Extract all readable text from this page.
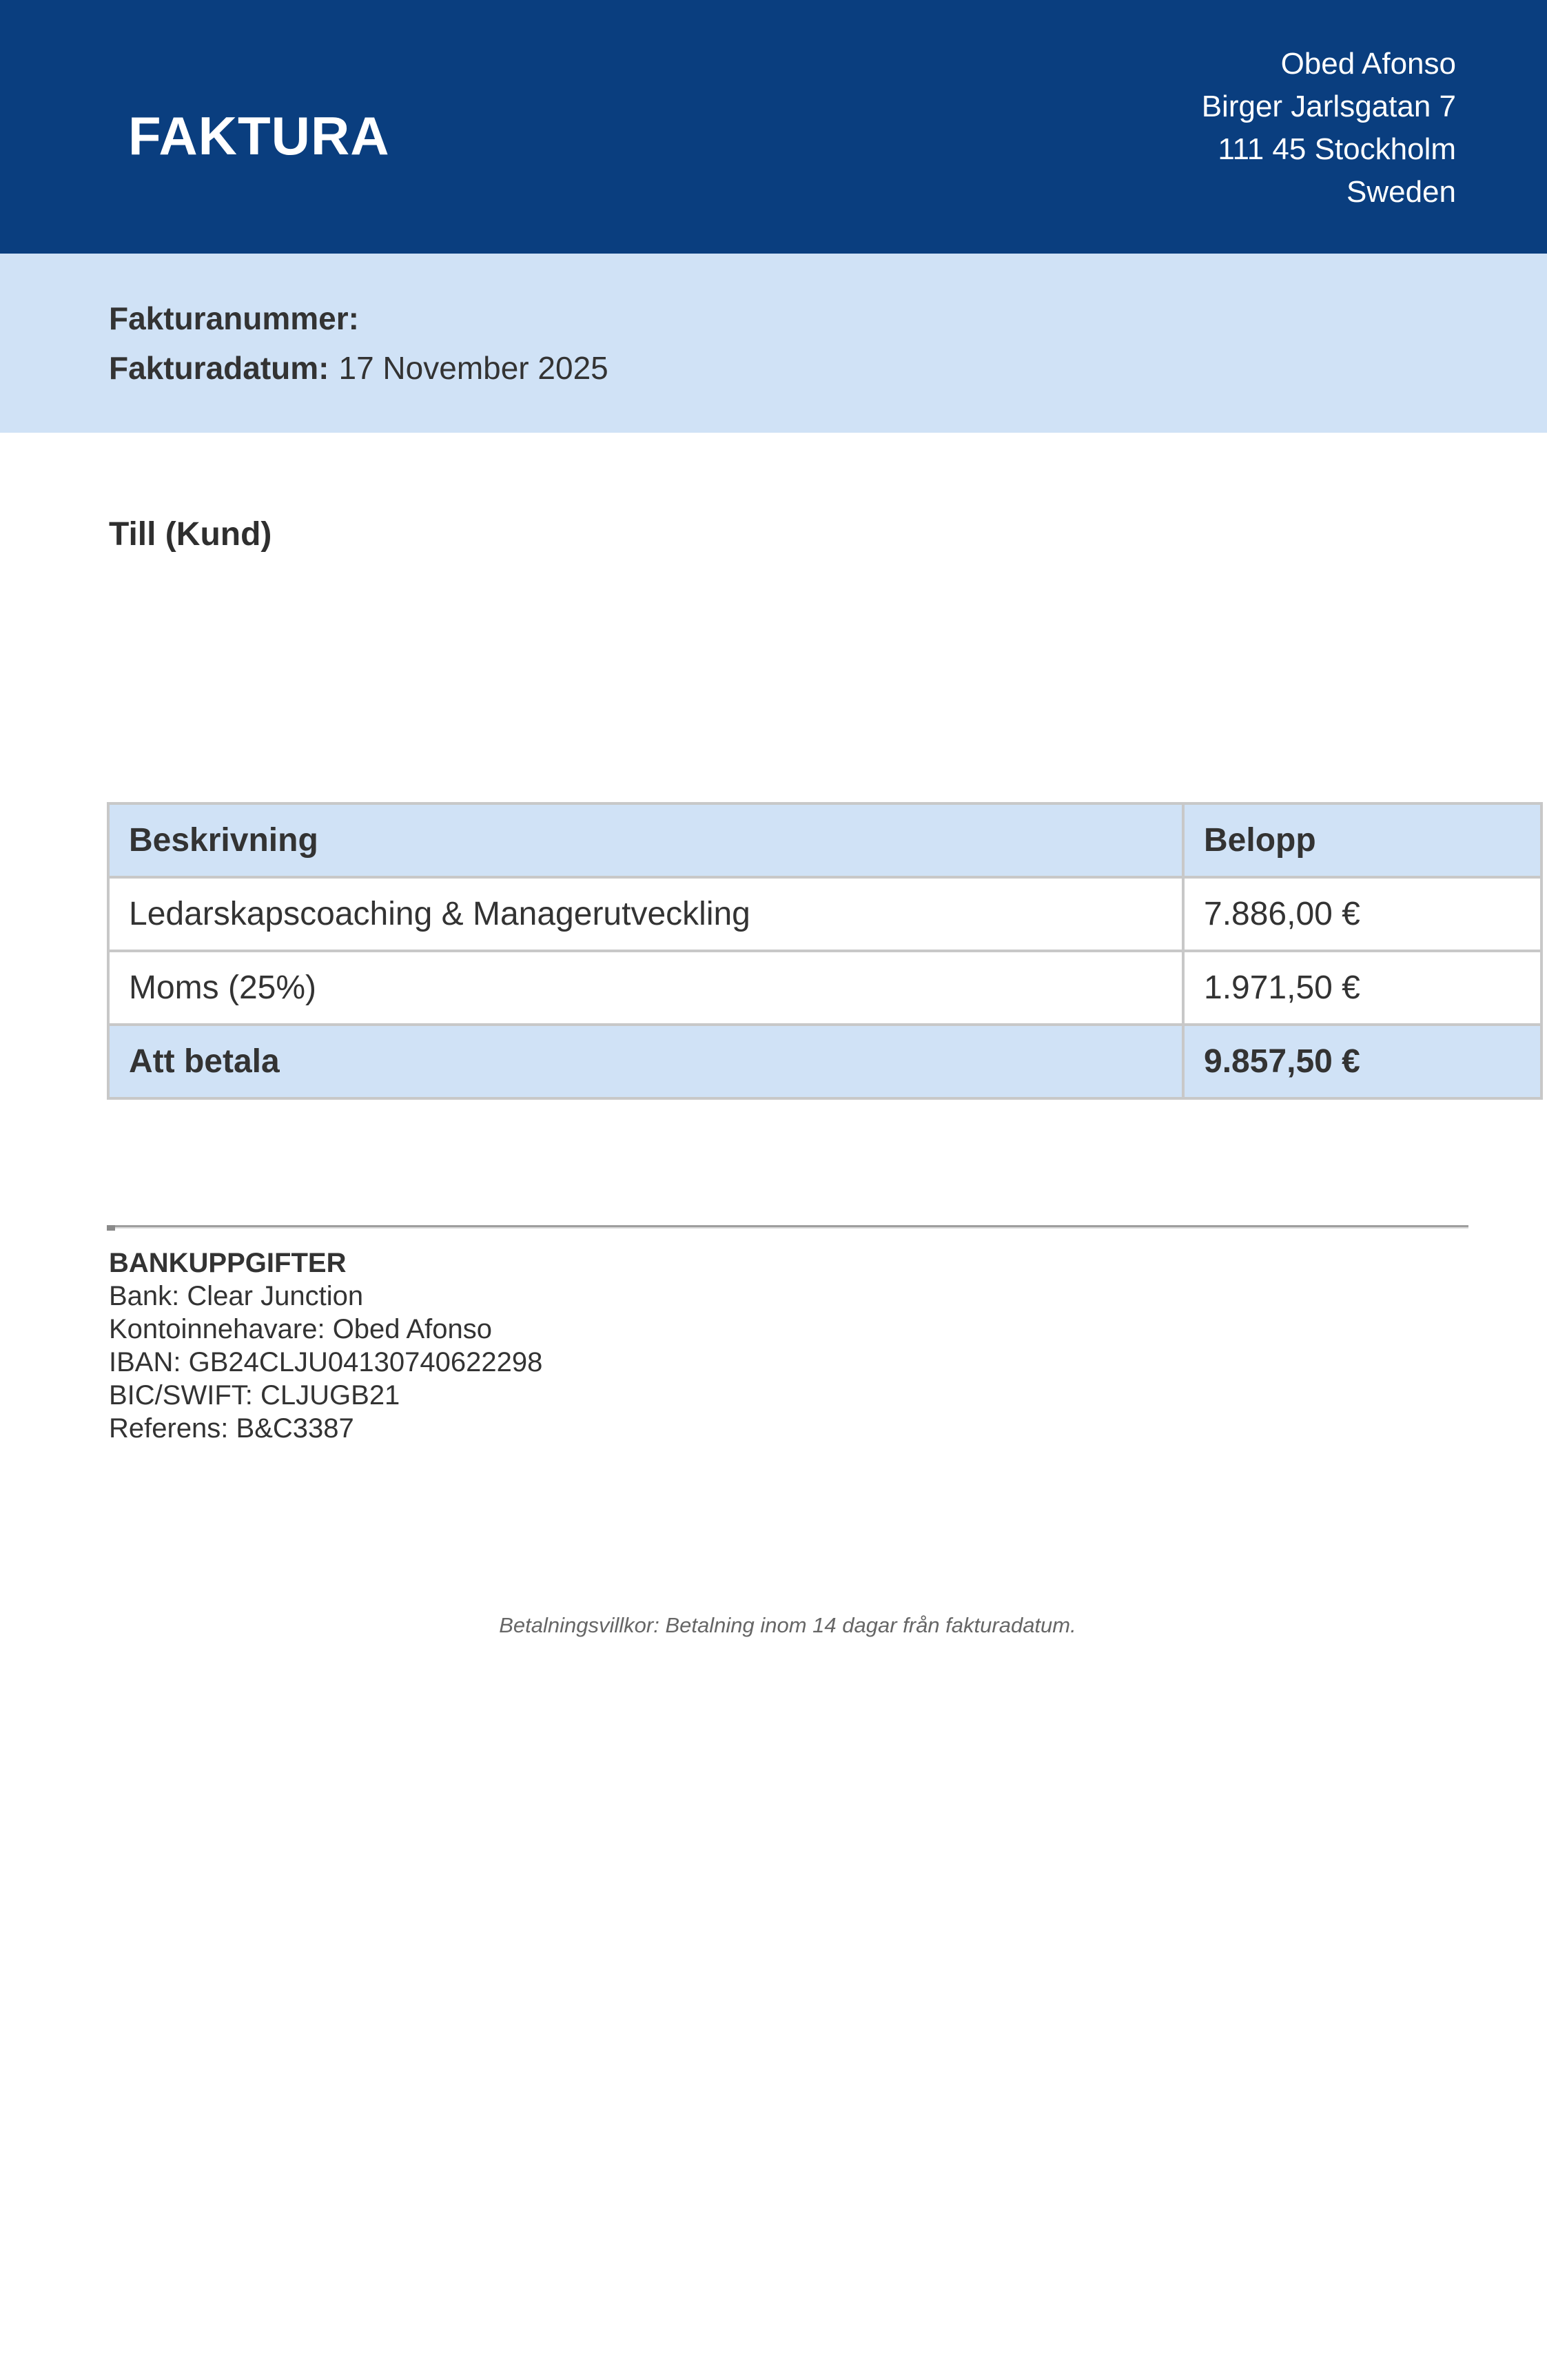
FAKTURA
Obed Afonso
Birger Jarlsgatan 7
111 45 Stockholm
Sweden
Fakturanummer:
Fakturadatum: 17 November 2025
Till (Kund)
Beskrivning	Belopp
Ledarskapscoaching & Managerutveckling	7.886,00 €
Moms (25%)	1.971,50 €
Att betala	9.857,50 €

BANKUPPGIFTER

Bank: Clear Junction
Kontoinnehavare: Obed Afonso
IBAN: GB24CLJU04130740622298
BIC/SWIFT: CLJUGB21
Referens: B&C3387
Betalningsvillkor: Betalning inom 14 dagar från fakturadatum.
